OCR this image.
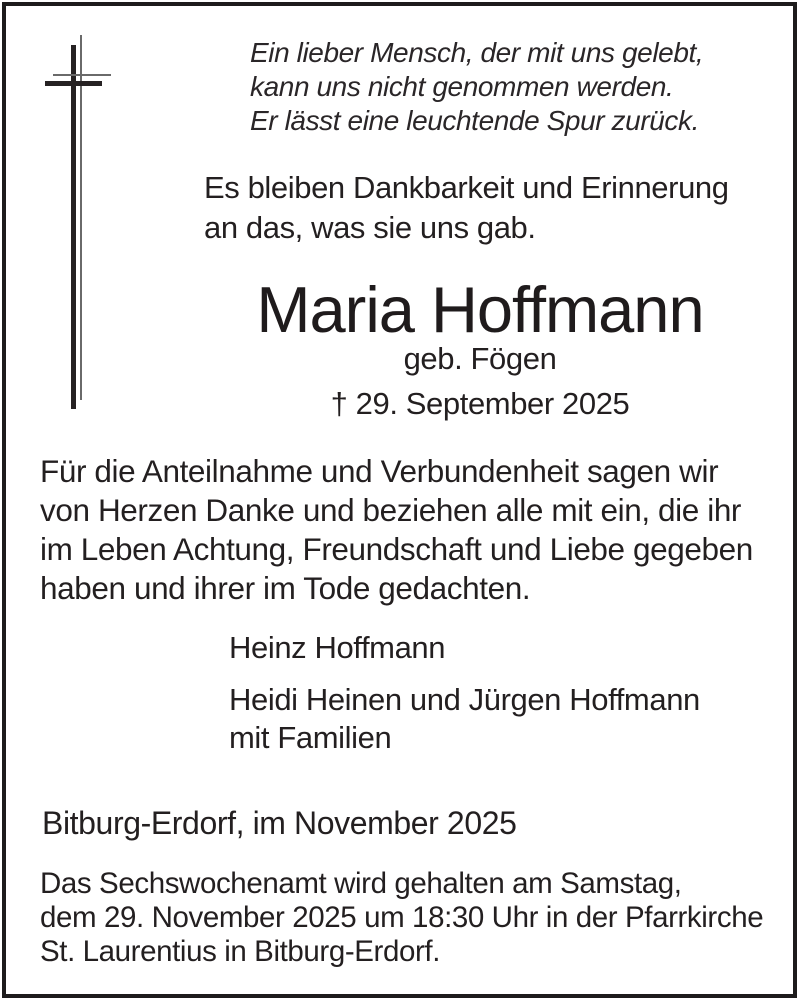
Ein lieber Mensch, der mit uns gelebt,
kann uns nicht genommen werden.
Er lässt eine leuchtende Spur zurück.
Es bleiben Dankbarkeit und Erinnerung
an das, was sie uns gab.
Maria Hoffmann
geb. Fögen
† 29. September 2025
Für die Anteilnahme und Verbundenheit sagen wir
von Herzen Danke und beziehen alle mit ein, die ihr
im Leben Achtung, Freundschaft und Liebe gegeben
haben und ihrer im Tode gedachten.
Heinz Hoffmann
Heidi Heinen und Jürgen Hoffmann
mit Familien
Bitburg-Erdorf, im November 2025
Das Sechswochenamt wird gehalten am Samstag,
dem 29. November 2025 um 18:30 Uhr in der Pfarrkirche
St. Laurentius in Bitburg-Erdorf.
